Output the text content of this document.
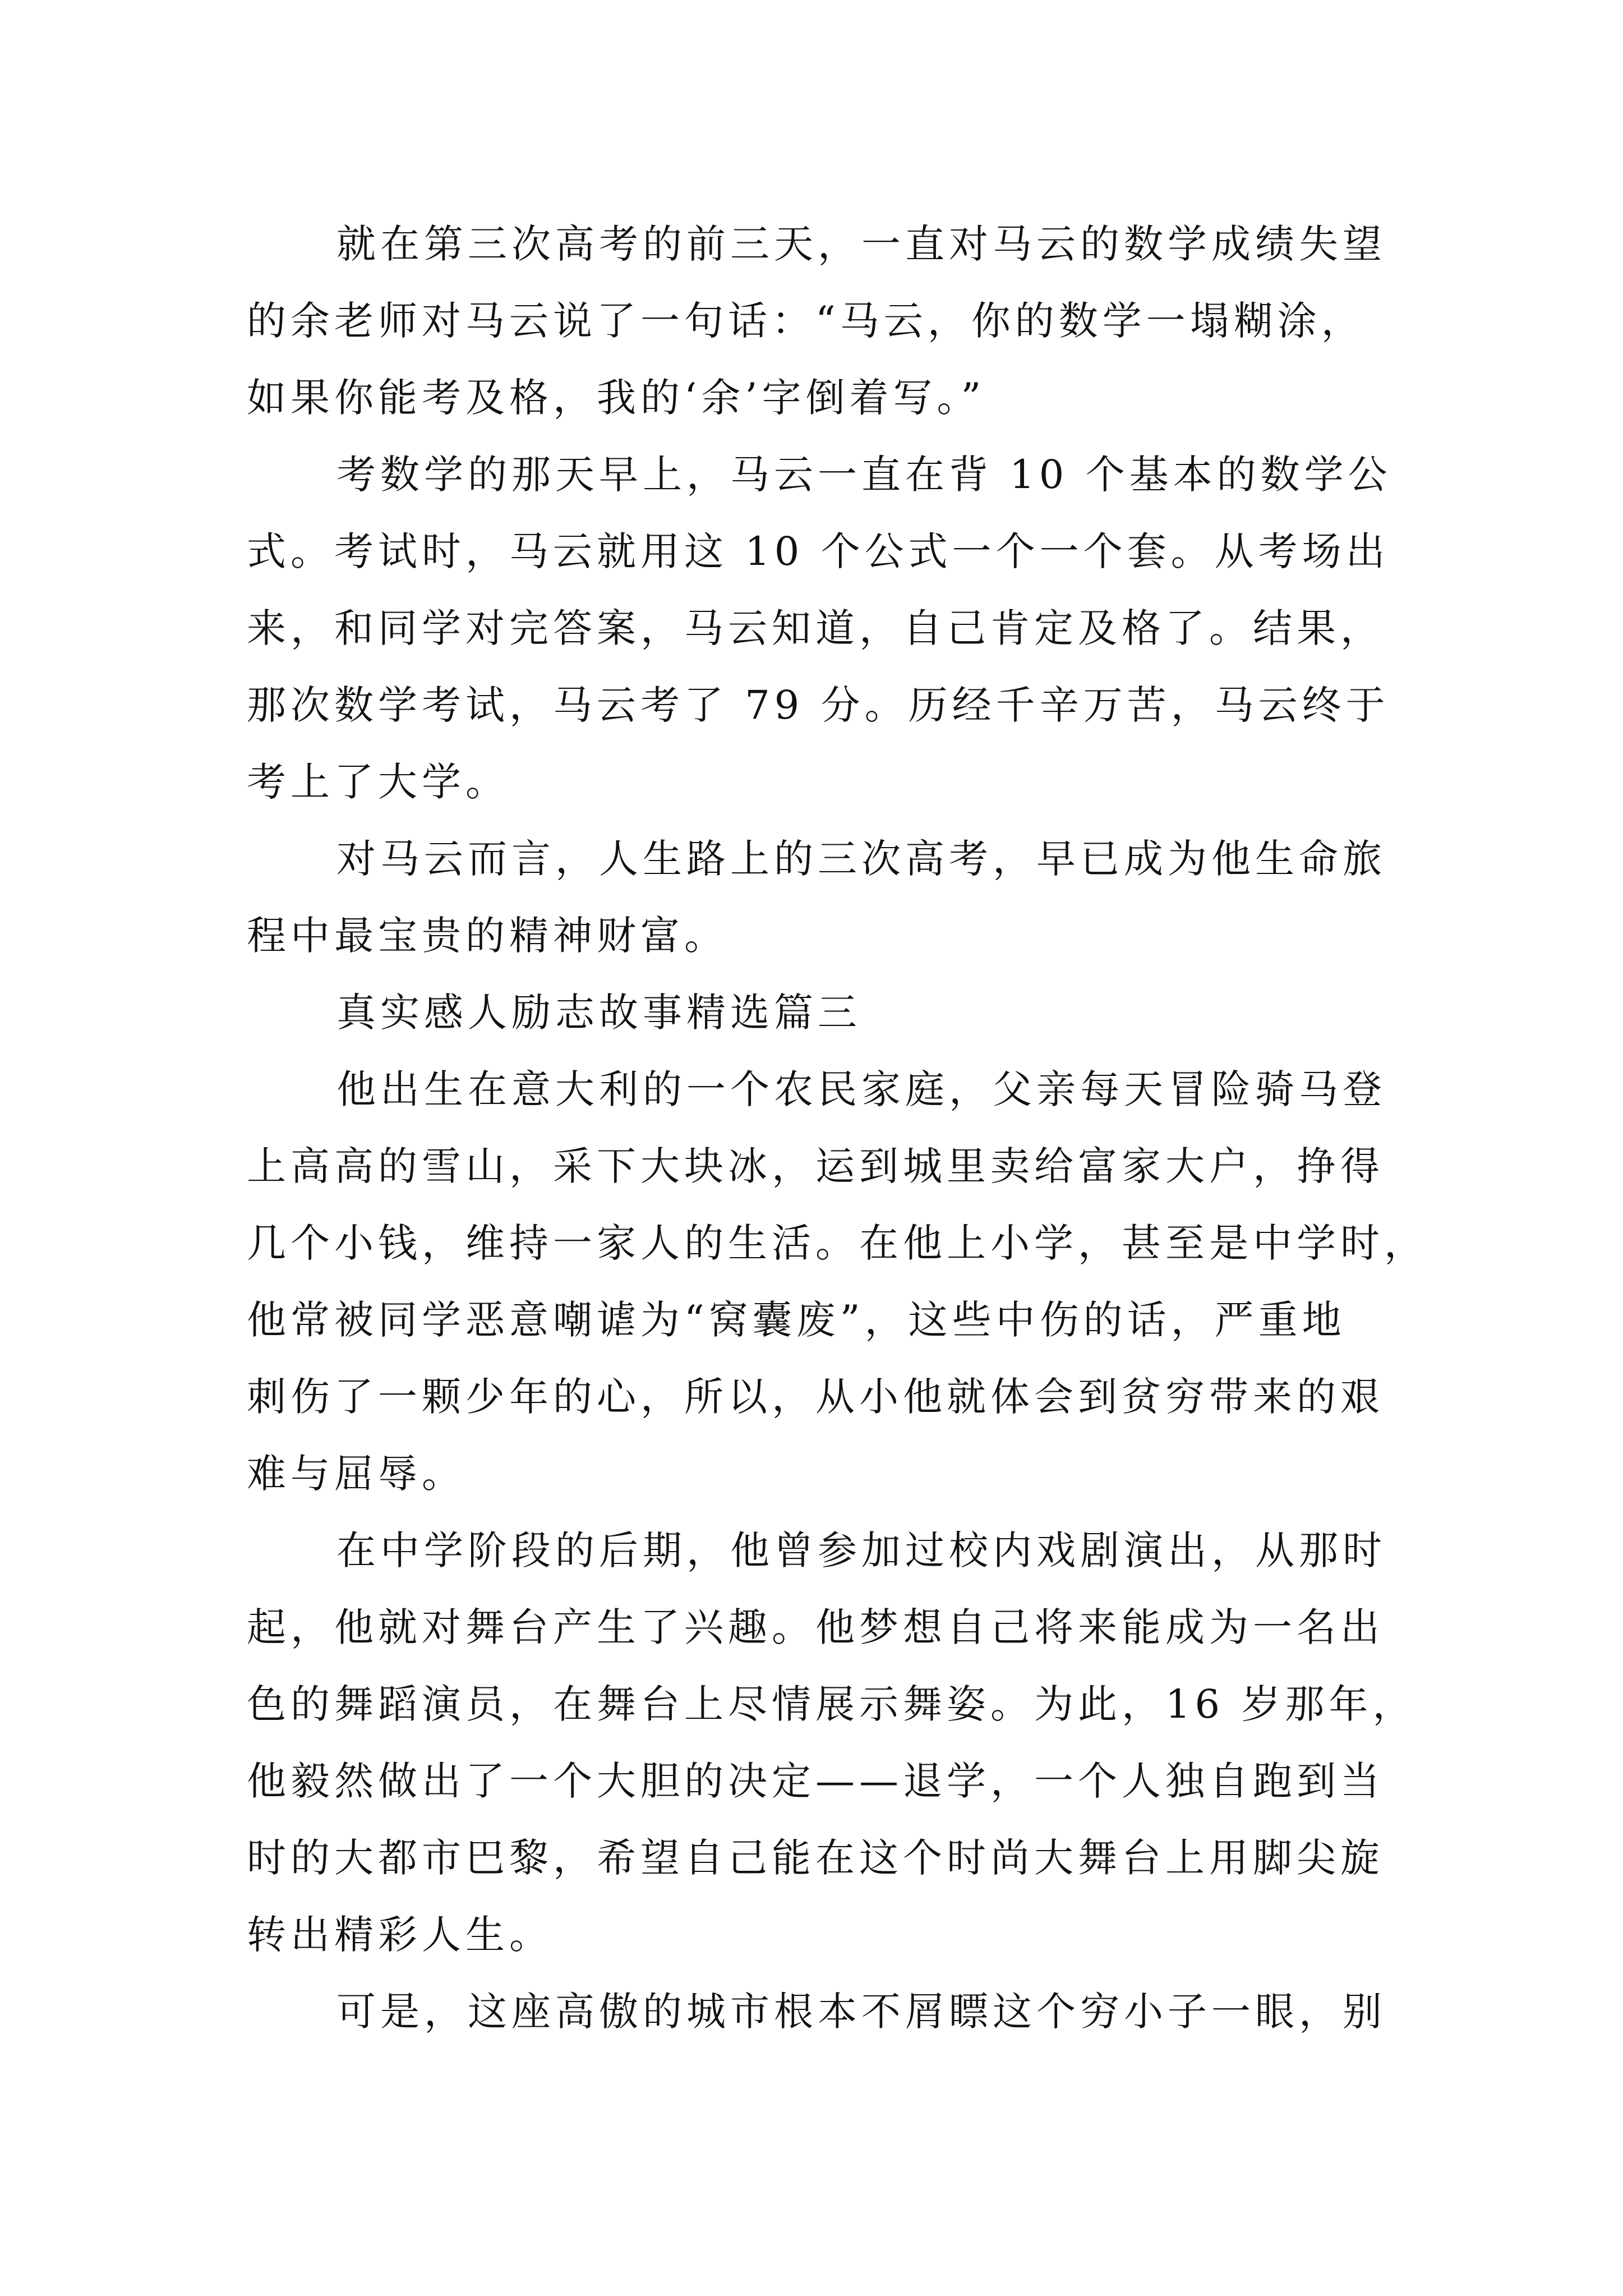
就在第三次高考的前三天，一直对马云的数学成绩失望
的余老师对马云说了一句话：“马云，你的数学一塌糊涂，
如果你能考及格，我的‘余’字倒着写。”
考数学的那天早上，马云一直在背 10 个基本的数学公
式。考试时，马云就用这 10 个公式一个一个套。从考场出
来，和同学对完答案，马云知道，自己肯定及格了。结果，
那次数学考试，马云考了 79 分。历经千辛万苦，马云终于
考上了大学。
对马云而言，人生路上的三次高考，早已成为他生命旅
程中最宝贵的精神财富。
真实感人励志故事精选篇三
他出生在意大利的一个农民家庭，父亲每天冒险骑马登
上高高的雪山，采下大块冰，运到城里卖给富家大户，挣得
几个小钱，维持一家人的生活。在他上小学，甚至是中学时，
他常被同学恶意嘲谑为“窝囊废”，这些中伤的话，严重地
刺伤了一颗少年的心，所以，从小他就体会到贫穷带来的艰
难与屈辱。
在中学阶段的后期，他曾参加过校内戏剧演出，从那时
起，他就对舞台产生了兴趣。他梦想自己将来能成为一名出
色的舞蹈演员，在舞台上尽情展示舞姿。为此，16 岁那年，
他毅然做出了一个大胆的决定——退学，一个人独自跑到当
时的大都市巴黎，希望自己能在这个时尚大舞台上用脚尖旋
转出精彩人生。
可是，这座高傲的城市根本不屑瞟这个穷小子一眼，别
